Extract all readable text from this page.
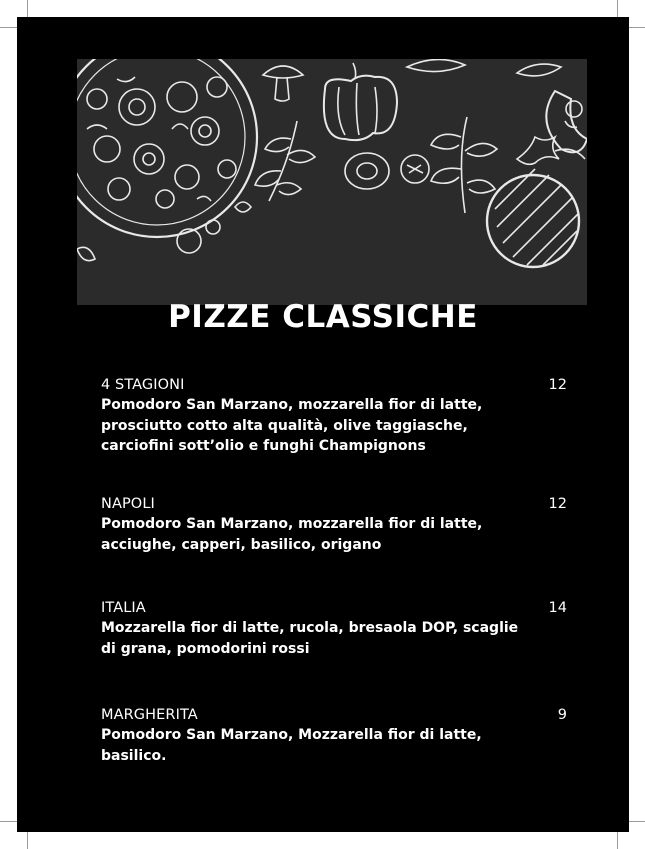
PIZZE CLASSICHE
4 STAGIONI	12
Pomodoro San Marzano, mozzarella fior di latte, prosciutto cotto alta qualità, olive taggiasche, carciofini sott’olio e funghi Champignons
NAPOLI	12
Pomodoro San Marzano, mozzarella fior di latte, acciughe, capperi, basilico, origano
ITALIA	14
Mozzarella fior di latte, rucola, bresaola DOP, scaglie di grana, pomodorini rossi
MARGHERITA	9
Pomodoro San Marzano, Mozzarella fior di latte, basilico.
